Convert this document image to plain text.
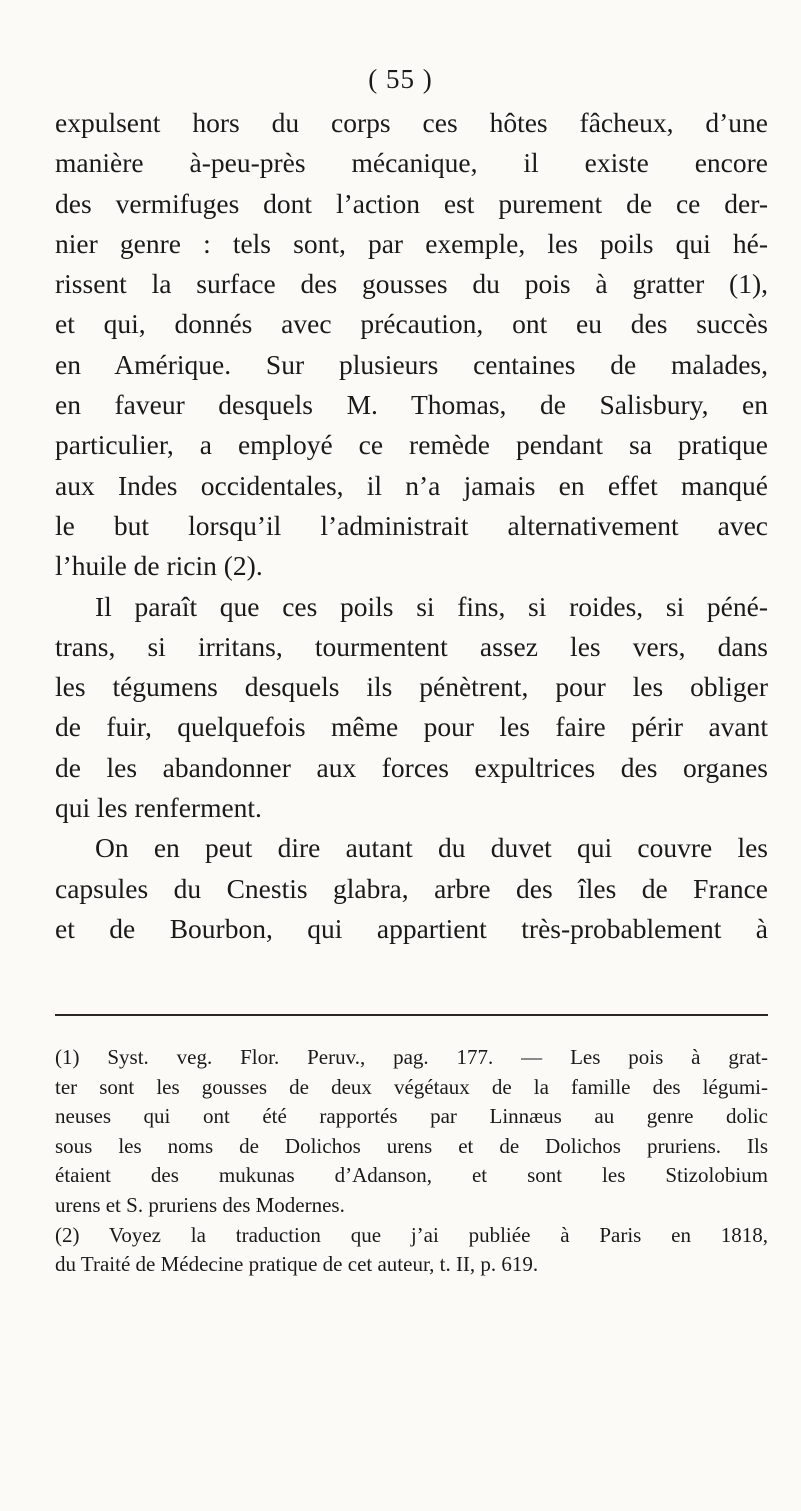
( 55 )
expulsent hors du corps ces hôtes fâcheux, d’une
manière à-peu-près mécanique, il existe encore
des vermifuges dont l’action est purement de ce der-
nier genre : tels sont, par exemple, les poils qui hé-
rissent la surface des gousses du pois à gratter (1),
et qui, donnés avec précaution, ont eu des succès
en Amérique. Sur plusieurs centaines de malades,
en faveur desquels M. Thomas, de Salisbury, en
particulier, a employé ce remède pendant sa pratique
aux Indes occidentales, il n’a jamais en effet manqué
le but lorsqu’il l’administrait alternativement avec
l’huile de ricin (2).
Il paraît que ces poils si fins, si roides, si péné-
trans, si irritans, tourmentent assez les vers, dans
les tégumens desquels ils pénètrent, pour les obliger
de fuir, quelquefois même pour les faire périr avant
de les abandonner aux forces expultrices des organes
qui les renferment.
On en peut dire autant du duvet qui couvre les
capsules du Cnestis glabra, arbre des îles de France
et de Bourbon, qui appartient très-probablement à
(1) Syst. veg. Flor. Peruv., pag. 177. — Les pois à grat-
ter sont les gousses de deux végétaux de la famille des légumi-
neuses qui ont été rapportés par Linnæus au genre dolic
sous les noms de Dolichos urens et de Dolichos pruriens. Ils
étaient des mukunas d’Adanson, et sont les Stizolobium
urens et S. pruriens des Modernes.
(2) Voyez la traduction que j’ai publiée à Paris en 1818,
du Traité de Médecine pratique de cet auteur, t. II, p. 619.
